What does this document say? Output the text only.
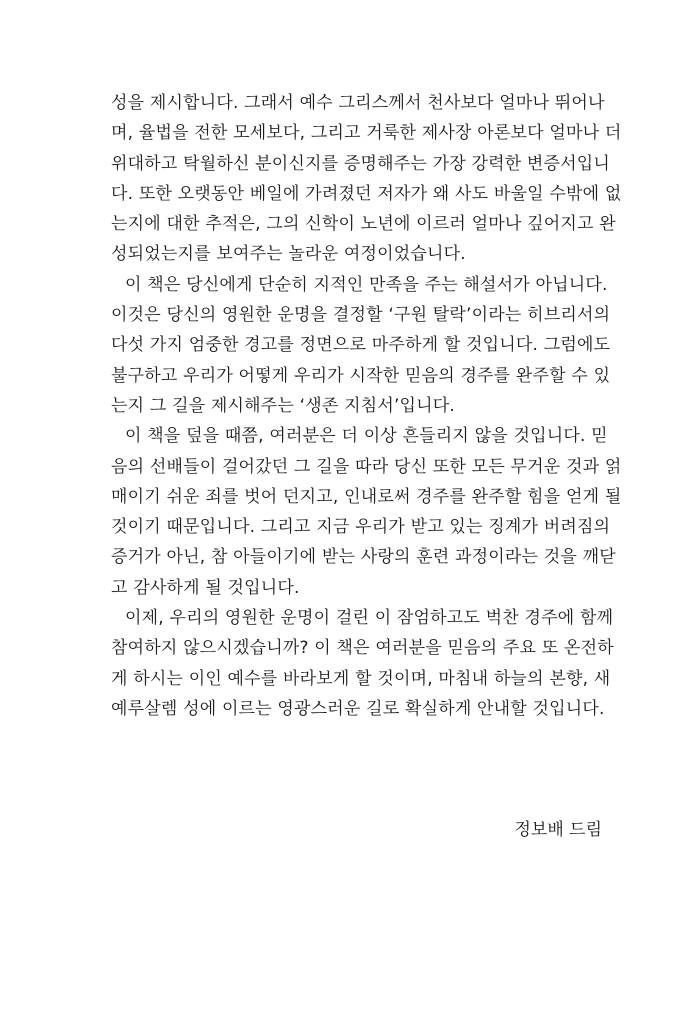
성을 제시합니다. 그래서 예수 그리스께서 천사보다 얼마나 뛰어나
며, 율법을 전한 모세보다, 그리고 거룩한 제사장 아론보다 얼마나 더
위대하고 탁월하신 분이신지를 증명해주는 가장 강력한 변증서입니
다. 또한 오랫동안 베일에 가려졌던 저자가 왜 사도 바울일 수밖에 없
는지에 대한 추적은, 그의 신학이 노년에 이르러 얼마나 깊어지고 완
성되었는지를 보여주는 놀라운 여정이었습니다.
이 책은 당신에게 단순히 지적인 만족을 주는 해설서가 아닙니다.
이것은 당신의 영원한 운명을 결정할 ‘구원 탈락’이라는 히브리서의
다섯 가지 엄중한 경고를 정면으로 마주하게 할 것입니다. 그럼에도
불구하고 우리가 어떻게 우리가 시작한 믿음의 경주를 완주할 수 있
는지 그 길을 제시해주는 ‘생존 지침서’입니다.
이 책을 덮을 때쯤, 여러분은 더 이상 흔들리지 않을 것입니다. 믿
음의 선배들이 걸어갔던 그 길을 따라 당신 또한 모든 무거운 것과 얽
매이기 쉬운 죄를 벗어 던지고, 인내로써 경주를 완주할 힘을 얻게 될
것이기 때문입니다. 그리고 지금 우리가 받고 있는 징계가 버려짐의
증거가 아닌, 참 아들이기에 받는 사랑의 훈련 과정이라는 것을 깨닫
고 감사하게 될 것입니다.
이제, 우리의 영원한 운명이 걸린 이 잠엄하고도 벅찬 경주에 함께
참여하지 않으시겠습니까? 이 책은 여러분을 믿음의 주요 또 온전하
게 하시는 이인 예수를 바라보게 할 것이며, 마침내 하늘의 본향, 새
예루살렘 성에 이르는 영광스러운 길로 확실하게 안내할 것입니다.
정보배 드림
